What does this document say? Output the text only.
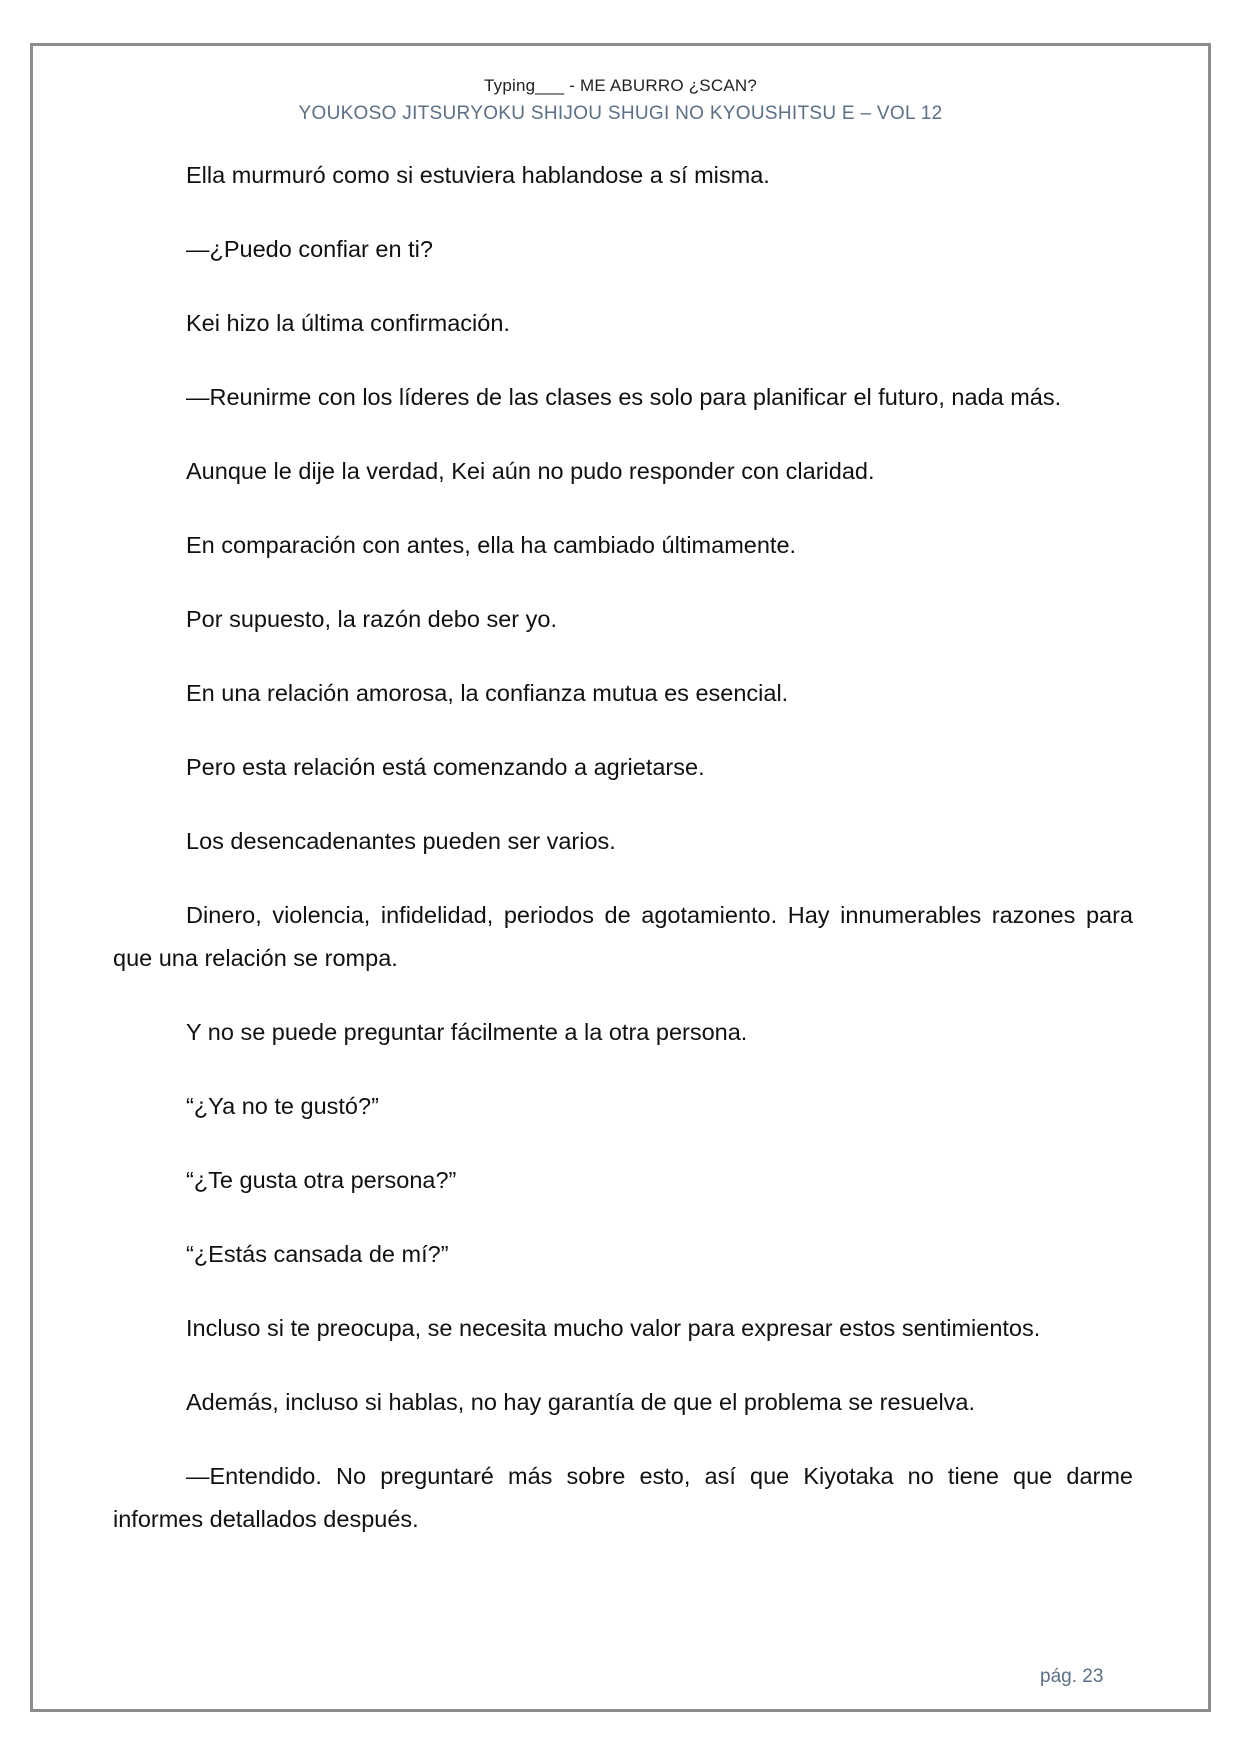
Typing___ - ME ABURRO ¿SCAN?
YOUKOSO JITSURYOKU SHIJOU SHUGI NO KYOUSHITSU E – VOL 12

Ella murmuró como si estuviera hablandose a sí misma.

—¿Puedo confiar en ti?

Kei hizo la última confirmación.

—Reunirme con los líderes de las clases es solo para planificar el futuro, nada más.

Aunque le dije la verdad, Kei aún no pudo responder con claridad.

En comparación con antes, ella ha cambiado últimamente.

Por supuesto, la razón debo ser yo.

En una relación amorosa, la confianza mutua es esencial.

Pero esta relación está comenzando a agrietarse.

Los desencadenantes pueden ser varios.

Dinero, violencia, infidelidad, periodos de agotamiento. Hay innumerables razones para que una relación se rompa.

Y no se puede preguntar fácilmente a la otra persona.

“¿Ya no te gustó?”

“¿Te gusta otra persona?”

“¿Estás cansada de mí?”

Incluso si te preocupa, se necesita mucho valor para expresar estos sentimientos.

Además, incluso si hablas, no hay garantía de que el problema se resuelva.

—Entendido. No preguntaré más sobre esto, así que Kiyotaka no tiene que darme informes detallados después.

pág. 23
